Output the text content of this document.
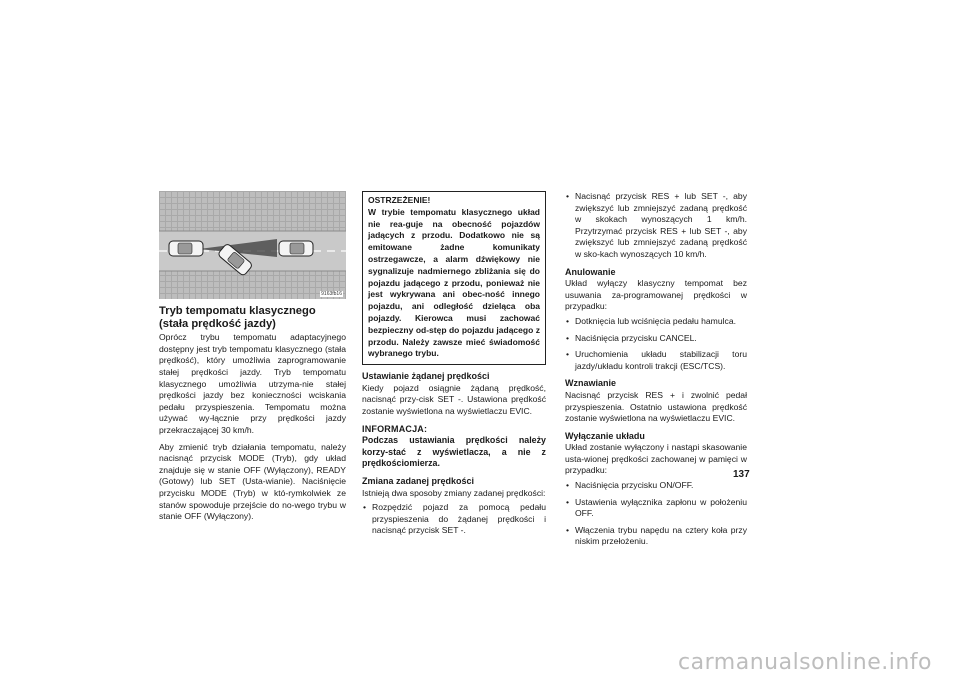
9163fb16

Tryb tempomatu klasycznego (stała prędkość jazdy)

Oprócz trybu tempomatu adaptacyjnego dostępny jest tryb tempomatu klasycznego (stała prędkość), który umożliwia zaprogramowanie stałej prędkości jazdy. Tryb tempomatu klasycznego umożliwia utrzyma-nie stałej prędkości jazdy bez konieczności wciskania pedału przyspieszenia. Tempomatu można używać wy-łącznie przy prędkości jazdy przekraczającej 30 km/h.

Aby zmienić tryb działania tempomatu, należy nacisnąć przycisk MODE (Tryb), gdy układ znajduje się w stanie OFF (Wyłączony), READY (Gotowy) lub SET (Usta-wianie). Naciśnięcie przycisku MODE (Tryb) w któ-rymkolwiek ze stanów spowoduje przejście do no-wego trybu w stanie OFF (Wyłączony).

OSTRZEŻENIE!

W trybie tempomatu klasycznego układ nie rea-guje na obecność pojazdów jadących z przodu. Dodatkowo nie są emitowane żadne komunikaty ostrzegawcze, a alarm dźwiękowy nie sygnalizuje nadmiernego zbliżania się do pojazdu jadącego z przodu, ponieważ nie jest wykrywana ani obec-ność innego pojazdu, ani odległość dzieląca oba pojazdy. Kierowca musi zachować bezpieczny od-stęp do pojazdu jadącego z przodu. Należy zawsze mieć świadomość wybranego trybu.

Ustawianie żądanej prędkości

Kiedy pojazd osiągnie żądaną prędkość, nacisnąć przy-cisk SET -. Ustawiona prędkość zostanie wyświetlona na wyświetlaczu EVIC.

INFORMACJA:

Podczas ustawiania prędkości należy korzy-stać z wyświetlacza, a nie z prędkościomierza.

Zmiana zadanej prędkości

Istnieją dwa sposoby zmiany zadanej prędkości:

• Rozpędzić pojazd za pomocą pedału przyspieszenia do żądanej prędkości i nacisnąć przycisk SET -.
• Nacisnąć przycisk RES + lub SET -, aby zwiększyć lub zmniejszyć zadaną prędkość w skokach wynoszących 1 km/h. Przytrzymać przycisk RES + lub SET -, aby zwiększyć lub zmniejszyć zadaną prędkość w sko-kach wynoszących 10 km/h.

Anulowanie

Układ wyłączy klasyczny tempomat bez usuwania za-programowanej prędkości w przypadku:

• Dotknięcia lub wciśnięcia pedału hamulca.
• Naciśnięcia przycisku CANCEL.
• Uruchomienia układu stabilizacji toru jazdy/układu kontroli trakcji (ESC/TCS).

Wznawianie

Nacisnąć przycisk RES + i zwolnić pedał przyspieszenia. Ostatnio ustawiona prędkość zostanie wyświetlona na wyświetlaczu EVIC.

Wyłączanie układu

Układ zostanie wyłączony i nastąpi skasowanie usta-wionej prędkości zachowanej w pamięci w przypadku:

• Naciśnięcia przycisku ON/OFF.
• Ustawienia wyłącznika zapłonu w położeniu OFF.
• Włączenia trybu napędu na cztery koła przy niskim przełożeniu.
137
carmanualsonline.info
